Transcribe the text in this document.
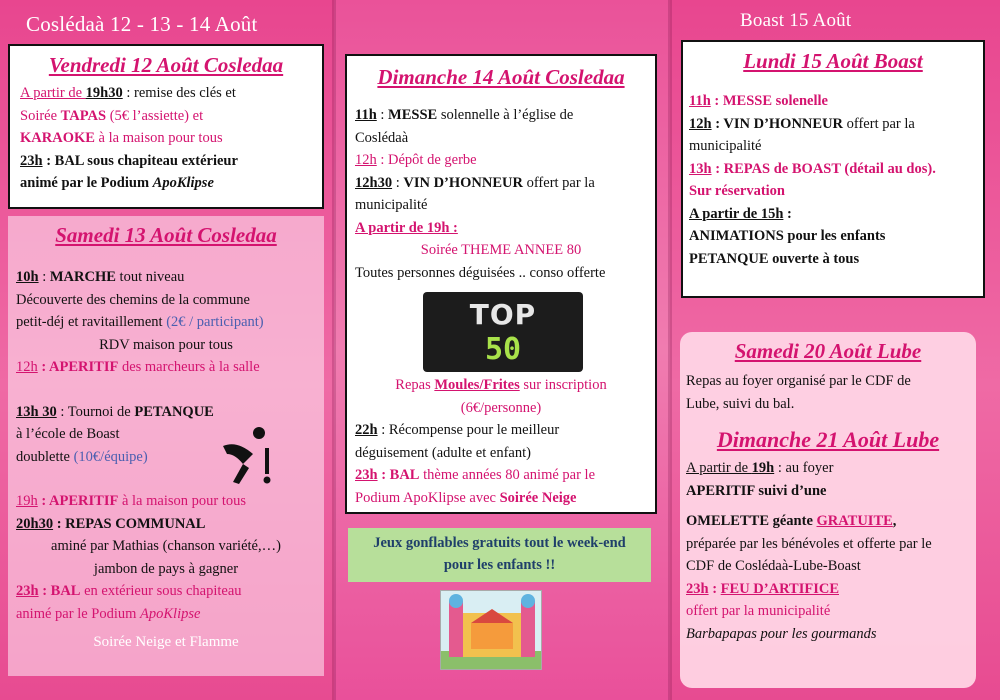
Coslédaà 12 - 13 - 14 Août
Vendredi 12 Août Cosledaa
A partir de 19h30 : remise des clés et
Soirée TAPAS (5€ l’assiette) et
KARAOKE à la maison pour tous
23h : BAL sous chapiteau extérieur
animé par le Podium ApoKlipse
Samedi 13 Août Cosledaa
10h : MARCHE tout niveau
Découverte des chemins de la commune
petit-déj et ravitaillement (2€ / participant)
RDV maison pour tous
12h : APERITIF des marcheurs à la salle
13h 30 : Tournoi de PETANQUE
à l’école de Boast
doublette (10€/équipe)
19h : APERITIF à la maison pour tous
20h30 : REPAS COMMUNAL
aminé par Mathias (chanson variété,…)
jambon de pays à gagner
23h : BAL en extérieur sous chapiteau
animé par le Podium ApoKlipse
Soirée Neige et Flamme
Dimanche 14 Août Cosledaa
11h : MESSE solennelle à l’église de
Coslédaà
12h : Dépôt de gerbe
12h30 : VIN D’HONNEUR offert par la
municipalité
A partir de 19h :
Soirée THEME ANNEE 80
Toutes personnes déguisées .. conso offerte
Repas Moules/Frites sur inscription
(6€/personne)
22h : Récompense pour le meilleur
déguisement (adulte et enfant)
23h : BAL thème années 80 animé par le
Podium ApoKlipse avec Soirée Neige
TOP
50
Jeux gonflables gratuits tout le week-end
pour les enfants !!
Boast 15 Août
Lundi 15 Août Boast
11h : MESSE solenelle
12h : VIN D’HONNEUR offert par la
municipalité
13h : REPAS de BOAST (détail au dos).
Sur réservation
A partir de 15h :
ANIMATIONS pour les enfants
PETANQUE ouverte à tous
Samedi 20 Août Lube
Repas au foyer organisé par le CDF de
Lube, suivi du bal.
Dimanche 21 Août Lube
A partir de 19h : au foyer
APERITIF suivi d’une
OMELETTE géante GRATUITE,
préparée par les bénévoles et offerte par le
CDF de Coslédaà-Lube-Boast
23h : FEU D’ARTIFICE
offert par la municipalité
Barbapapas pour les gourmands
